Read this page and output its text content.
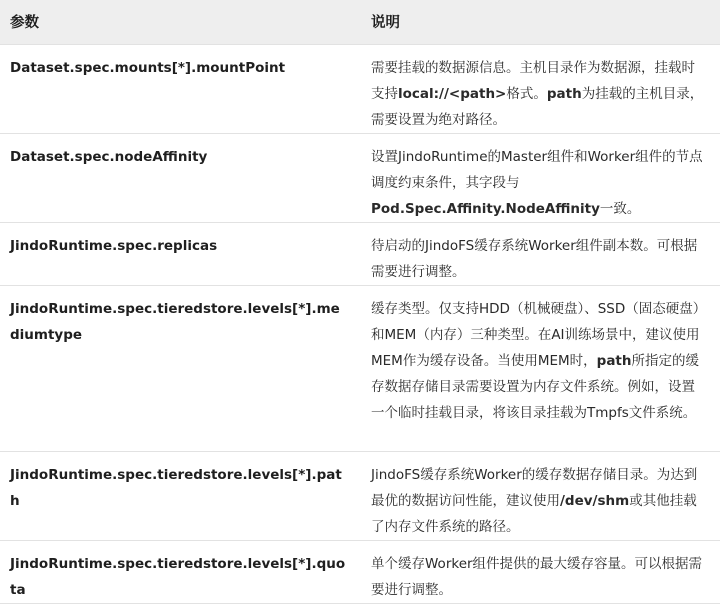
参数	说明
Dataset.spec.mounts[*].mountPoint	需要挂载的数据源信息。主机目录作为数据源，挂载时支持local://<path>格式。path为挂载的主机目录，需要设置为绝对路径。
Dataset.spec.nodeAffinity	设置JindoRuntime的Master组件和Worker组件的节点调度约束条件，其字段与Pod.Spec.Affinity.NodeAffinity一致。
JindoRuntime.spec.replicas	待启动的JindoFS缓存系统Worker组件副本数。可根据需要进行调整。
JindoRuntime.spec.tieredstore.levels[*].mediumtype	缓存类型。仅支持HDD（机械硬盘）、SSD（固态硬盘）和MEM（内存）三种类型。在AI训练场景中，建议使用MEM作为缓存设备。当使用MEM时，path所指定的缓存数据存储目录需要设置为内存文件系统。例如，设置一个临时挂载目录，将该目录挂载为Tmpfs文件系统。
JindoRuntime.spec.tieredstore.levels[*].path	JindoFS缓存系统Worker的缓存数据存储目录。为达到最优的数据访问性能，建议使用/dev/shm或其他挂载了内存文件系统的路径。
JindoRuntime.spec.tieredstore.levels[*].quota	单个缓存Worker组件提供的最大缓存容量。可以根据需要进行调整。
